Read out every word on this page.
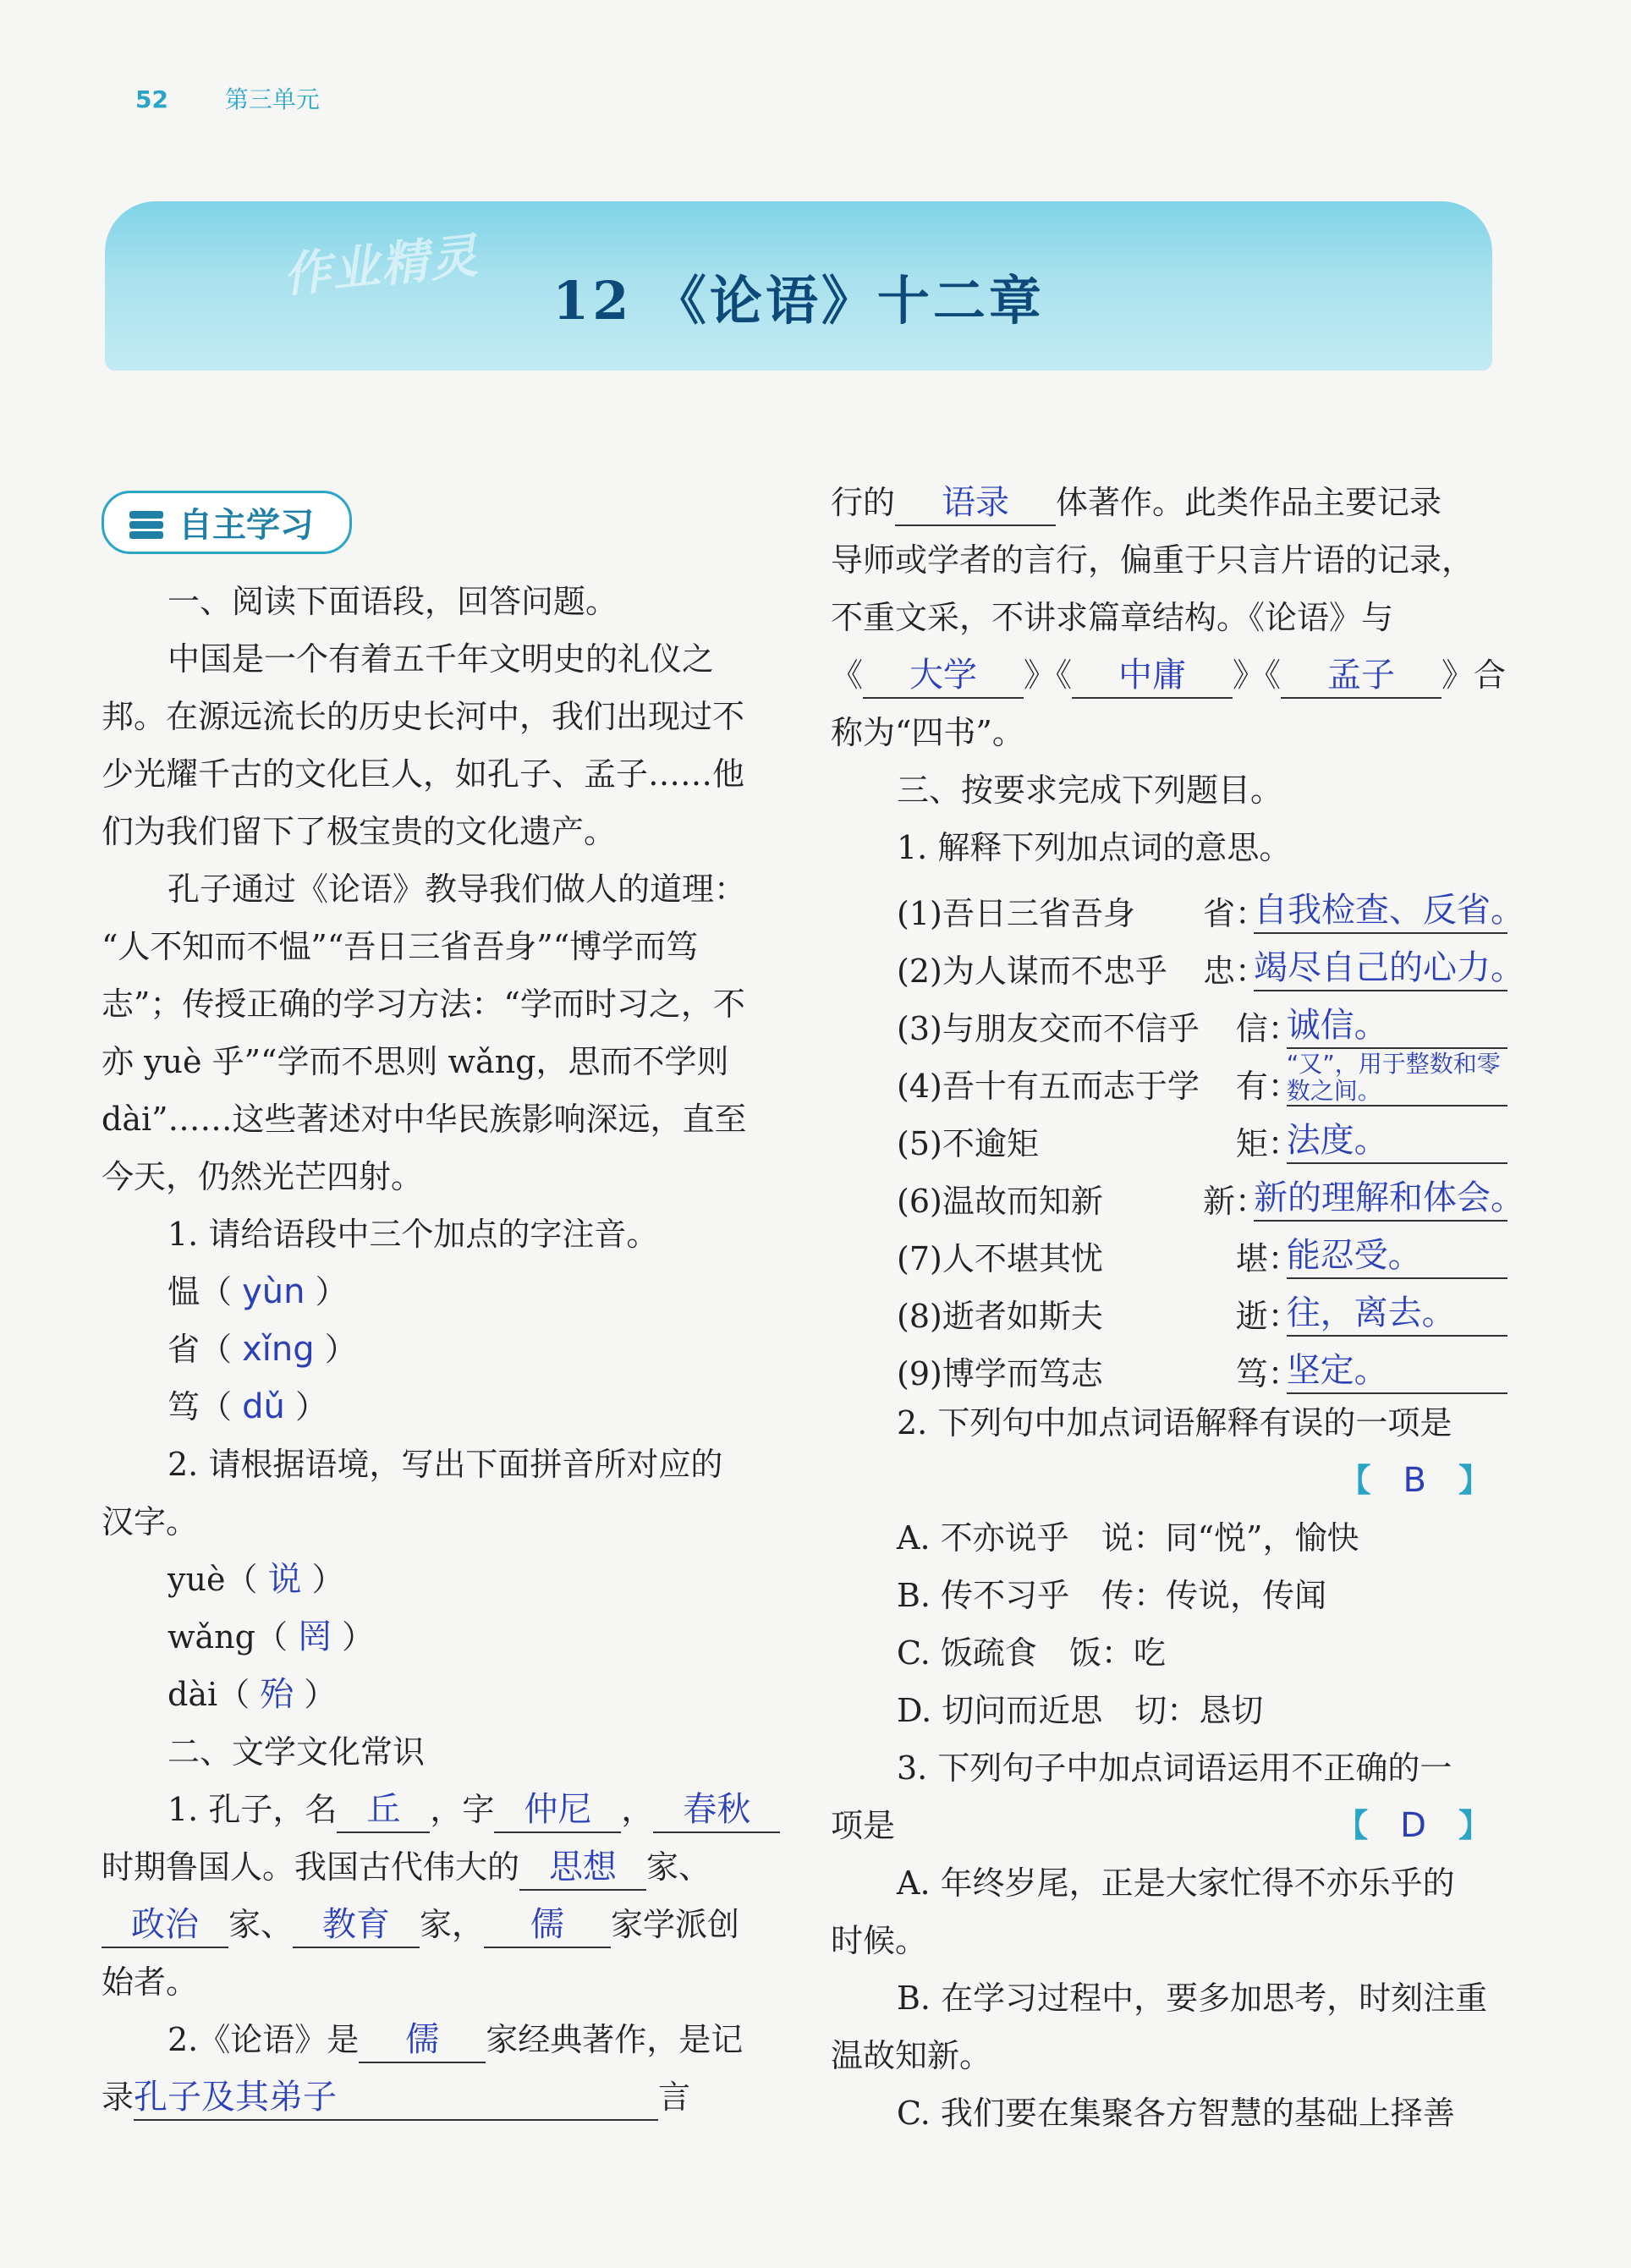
52 第三单元
作业精灵	12 《论语》十二章
自主学习
一、阅读下面语段，回答问题。
中国是一个有着五千年文明史的礼仪之
邦。在源远流长的历史长河中，我们出现过不
少光耀千古的文化巨人，如孔子、孟子……他
们为我们留下了极宝贵的文化遗产。
孔子通过《论语》教导我们做人的道理：
“人不知而不愠”“吾日三省吾身”“博学而笃
志”；传授正确的学习方法：“学而时习之，不
亦 yuè 乎”“学而不思则 wǎng，思而不学则
dài”……这些著述对中华民族影响深远，直至
今天，仍然光芒四射。
1. 请给语段中三个加点的字注音。
愠（ yùn ）
省（ xǐng ）
笃（ dǔ ）
2. 请根据语境，写出下面拼音所对应的
汉字。
yuè（ 说 ）
wǎng（ 罔 ）
dài（ 殆 ）
二、文学文化常识
1. 孔子，名 丘 ，字 仲尼 ， 春秋
时期鲁国人。我国古代伟大的 思想 家、
政治 家、 教育 家， 儒 家学派创
始者。
2.《论语》是 儒 家经典著作，是记
录孔子及其弟子	言
行的 语录 体著作。此类作品主要记录
导师或学者的言行，偏重于只言片语的记录，
不重文采，不讲求篇章结构。《论语》与
《 大学 》《 中庸 》《 孟子 》合
称为“四书”。
三、按要求完成下列题目。
1. 解释下列加点词的意思。
(1)吾日三省吾身	省：
自我检查、反省。
(2)为人谋而不忠乎	忠：
竭尽自己的心力。
(3)与朋友交而不信乎	信：
诚信。
(4)吾十有五而志于学	有：
“又”，用于整数和零数之间。
(5)不逾矩	矩：
法度。
(6)温故而知新	新：
新的理解和体会。
(7)人不堪其忧	堪：
能忍受。
(8)逝者如斯夫	逝：
往，离去。
(9)博学而笃志	笃：
坚定。
2. 下列句中加点词语解释有误的一项是
【　 B　 】
A. 不亦说乎　说：同“悦”，愉快
B. 传不习乎　传：传说，传闻
C. 饭疏食　饭：吃
D. 切问而近思　切：恳切
3. 下列句子中加点词语运用不正确的一
项是	【　 D　 】
A. 年终岁尾，正是大家忙得不亦乐乎的
时候。
B. 在学习过程中，要多加思考，时刻注重
温故知新。
C. 我们要在集聚各方智慧的基础上择善
